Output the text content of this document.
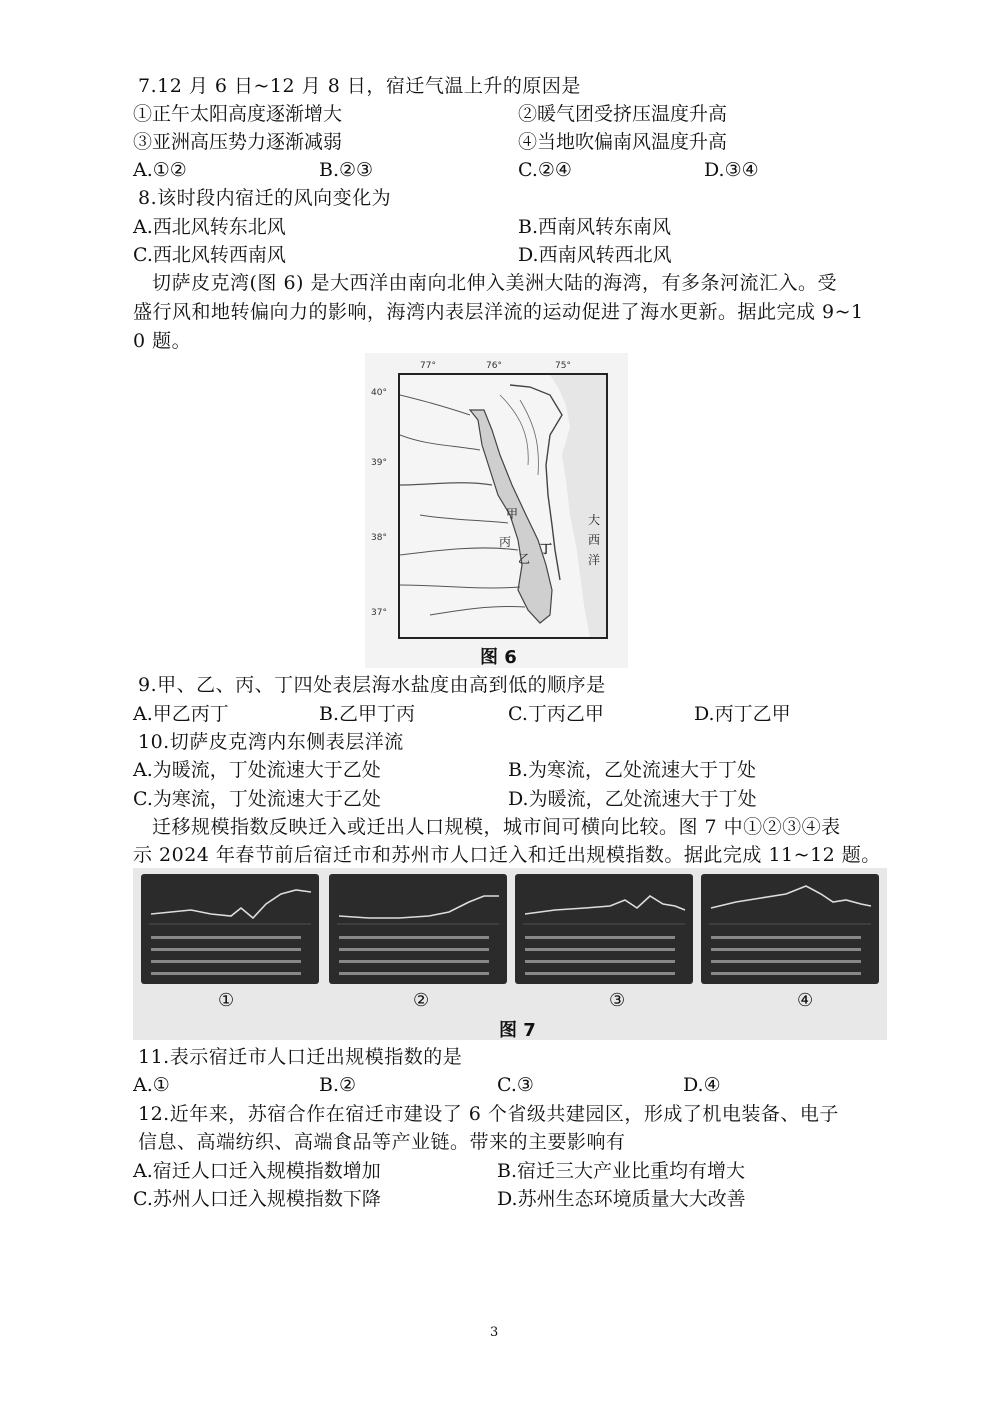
7.12 月 6 日~12 月 8 日，宿迁气温上升的原因是
①正午太阳高度逐渐增大	②暖气团受挤压温度升高
③亚洲高压势力逐渐减弱	④当地吹偏南风温度升高
A.①②	B.②③	C.②④	D.③④
8.该时段内宿迁的风向变化为
A.西北风转东北风	B.西南风转东南风
C.西北风转西南风	D.西南风转西北风
切萨皮克湾(图 6) 是大西洋由南向北伸入美洲大陆的海湾，有多条河流汇入。受
盛行风和地转偏向力的影响，海湾内表层洋流的运动促进了海水更新。据此完成 9~1
0 题。
大西洋
甲
丙
乙
丁
77°	76°	75°
40°
39°
38°
37°
图 6
9.甲、乙、丙、丁四处表层海水盐度由高到低的顺序是
A.甲乙丙丁	B.乙甲丁丙	C.丁丙乙甲	D.丙丁乙甲
10.切萨皮克湾内东侧表层洋流
A.为暖流，丁处流速大于乙处	B.为寒流，乙处流速大于丁处
C.为寒流，丁处流速大于乙处	D.为暖流，乙处流速大于丁处
迁移规模指数反映迁入或迁出人口规模，城市间可横向比较。图 7 中①②③④表
示 2024 年春节前后宿迁市和苏州市人口迁入和迁出规模指数。据此完成 11~12 题。
①	②	③	④
图 7
11.表示宿迁市人口迁出规模指数的是
A.①	B.②	C.③	D.④
12.近年来，苏宿合作在宿迁市建设了 6 个省级共建园区，形成了机电装备、电子
信息、高端纺织、高端食品等产业链。带来的主要影响有
A.宿迁人口迁入规模指数增加	B.宿迁三大产业比重均有增大
C.苏州人口迁入规模指数下降	D.苏州生态环境质量大大改善
3
